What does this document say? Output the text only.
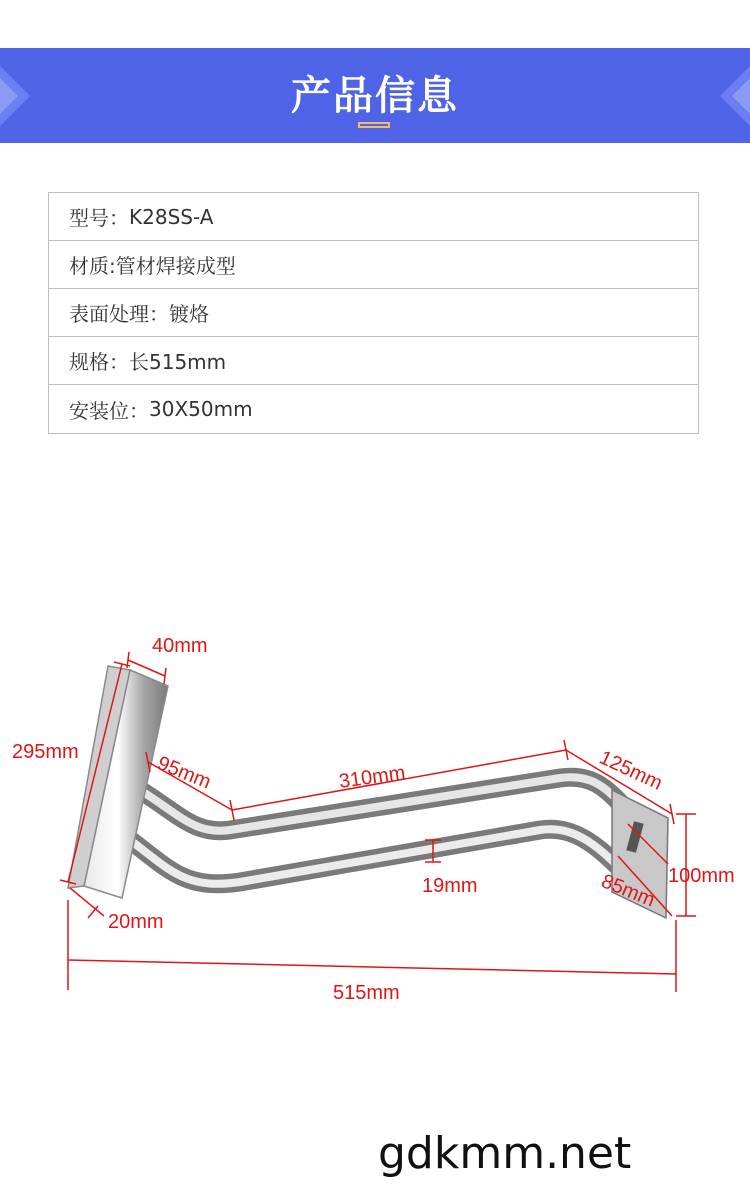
产品信息
型号： K28SS-A
材质: 管材焊接成型
表面处理： 镀烙
规格： 长515mm
安装位： 30X50mm
40mm
295mm
95mm	310mm	125mm
100mm
85mm
19mm
20mm
515mm
gdkmm.net
